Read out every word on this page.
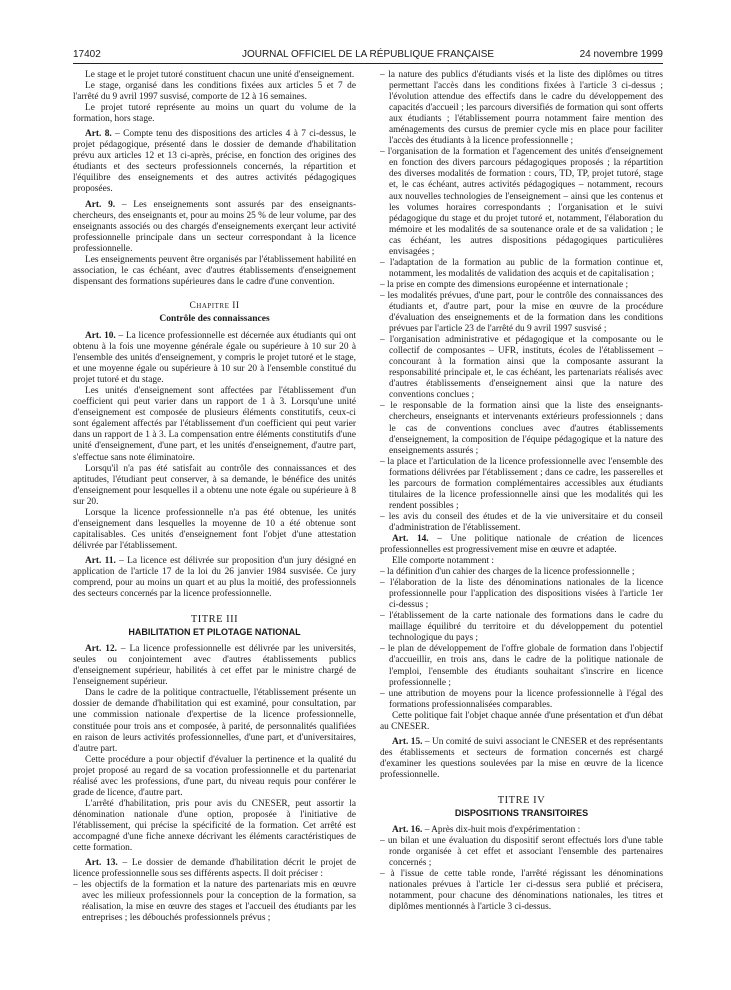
17402	JOURNAL OFFICIEL DE LA RÉPUBLIQUE FRANÇAISE	24 novembre 1999

Le stage et le projet tutoré constituent chacun une unité d'enseignement.

Le stage, organisé dans les conditions fixées aux articles 5 et 7 de l'arrêté du 9 avril 1997 susvisé, comporte de 12 à 16 semaines.

Le projet tutoré représente au moins un quart du volume de la formation, hors stage.

Art. 8. – Compte tenu des dispositions des articles 4 à 7 ci-dessus, le projet pédagogique, présenté dans le dossier de demande d'habilitation prévu aux articles 12 et 13 ci-après, précise, en fonction des origines des étudiants et des secteurs professionnels concernés, la répartition et l'équilibre des enseignements et des autres activités pédagogiques proposées.

Art. 9. – Les enseignements sont assurés par des enseignants-chercheurs, des enseignants et, pour au moins 25 % de leur volume, par des enseignants associés ou des chargés d'enseignements exerçant leur activité professionnelle principale dans un secteur correspondant à la licence professionnelle.

Les enseignements peuvent être organisés par l'établissement habilité en association, le cas échéant, avec d'autres établissements d'enseignement dispensant des formations supérieures dans le cadre d'une convention.

Chapitre II
Contrôle des connaissances

Art. 10. – La licence professionnelle est décernée aux étudiants qui ont obtenu à la fois une moyenne générale égale ou supérieure à 10 sur 20 à l'ensemble des unités d'enseignement, y compris le projet tutoré et le stage, et une moyenne égale ou supérieure à 10 sur 20 à l'ensemble constitué du projet tutoré et du stage.

Les unités d'enseignement sont affectées par l'établissement d'un coefficient qui peut varier dans un rapport de 1 à 3. Lorsqu'une unité d'enseignement est composée de plusieurs éléments constitutifs, ceux-ci sont également affectés par l'établissement d'un coefficient qui peut varier dans un rapport de 1 à 3. La compensation entre éléments constitutifs d'une unité d'enseignement, d'une part, et les unités d'enseignement, d'autre part, s'effectue sans note éliminatoire.

Lorsqu'il n'a pas été satisfait au contrôle des connaissances et des aptitudes, l'étudiant peut conserver, à sa demande, le bénéfice des unités d'enseignement pour lesquelles il a obtenu une note égale ou supérieure à 8 sur 20.

Lorsque la licence professionnelle n'a pas été obtenue, les unités d'enseignement dans lesquelles la moyenne de 10 a été obtenue sont capitalisables. Ces unités d'enseignement font l'objet d'une attestation délivrée par l'établissement.

Art. 11. – La licence est délivrée sur proposition d'un jury désigné en application de l'article 17 de la loi du 26 janvier 1984 susvisée. Ce jury comprend, pour au moins un quart et au plus la moitié, des professionnels des secteurs concernés par la licence professionnelle.

TITRE III
HABILITATION ET PILOTAGE NATIONAL

Art. 12. – La licence professionnelle est délivrée par les universités, seules ou conjointement avec d'autres établissements publics d'enseignement supérieur, habilités à cet effet par le ministre chargé de l'enseignement supérieur.

Dans le cadre de la politique contractuelle, l'établissement présente un dossier de demande d'habilitation qui est examiné, pour consultation, par une commission nationale d'expertise de la licence professionnelle, constituée pour trois ans et composée, à parité, de personnalités qualifiées en raison de leurs activités professionnelles, d'une part, et d'universitaires, d'autre part.

Cette procédure a pour objectif d'évaluer la pertinence et la qualité du projet proposé au regard de sa vocation professionnelle et du partenariat réalisé avec les professions, d'une part, du niveau requis pour conférer le grade de licence, d'autre part.

L'arrêté d'habilitation, pris pour avis du CNESER, peut assortir la dénomination nationale d'une option, proposée à l'initiative de l'établissement, qui précise la spécificité de la formation. Cet arrêté est accompagné d'une fiche annexe décrivant les éléments caractéristiques de cette formation.

Art. 13. – Le dossier de demande d'habilitation décrit le projet de licence professionnelle sous ses différents aspects. Il doit préciser :

– les objectifs de la formation et la nature des partenariats mis en œuvre avec les milieux professionnels pour la conception de la formation, sa réalisation, la mise en œuvre des stages et l'accueil des étudiants par les entreprises ; les débouchés professionnels prévus ;

– la nature des publics d'étudiants visés et la liste des diplômes ou titres permettant l'accès dans les conditions fixées à l'article 3 ci-dessus ; l'évolution attendue des effectifs dans le cadre du développement des capacités d'accueil ; les parcours diversifiés de formation qui sont offerts aux étudiants ; l'établissement pourra notamment faire mention des aménagements des cursus de premier cycle mis en place pour faciliter l'accès des étudiants à la licence professionnelle ;

– l'organisation de la formation et l'agencement des unités d'enseignement en fonction des divers parcours pédagogiques proposés ; la répartition des diverses modalités de formation : cours, TD, TP, projet tutoré, stage et, le cas échéant, autres activités pédagogiques – notamment, recours aux nouvelles technologies de l'enseignement – ainsi que les contenus et les volumes horaires correspondants ; l'organisation et le suivi pédagogique du stage et du projet tutoré et, notamment, l'élaboration du mémoire et les modalités de sa soutenance orale et de sa validation ; le cas échéant, les autres dispositions pédagogiques particulières envisagées ;

– l'adaptation de la formation au public de la formation continue et, notamment, les modalités de validation des acquis et de capitalisation ;

– la prise en compte des dimensions européenne et internationale ;

– les modalités prévues, d'une part, pour le contrôle des connaissances des étudiants et, d'autre part, pour la mise en œuvre de la procédure d'évaluation des enseignements et de la formation dans les conditions prévues par l'article 23 de l'arrêté du 9 avril 1997 susvisé ;

– l'organisation administrative et pédagogique et la composante ou le collectif de composantes – UFR, instituts, écoles de l'établissement – concourant à la formation ainsi que la composante assurant la responsabilité principale et, le cas échéant, les partenariats réalisés avec d'autres établissements d'enseignement ainsi que la nature des conventions conclues ;

– le responsable de la formation ainsi que la liste des enseignants-chercheurs, enseignants et intervenants extérieurs professionnels ; dans le cas de conventions conclues avec d'autres établissements d'enseignement, la composition de l'équipe pédagogique et la nature des enseignements assurés ;

– la place et l'articulation de la licence professionnelle avec l'ensemble des formations délivrées par l'établissement ; dans ce cadre, les passerelles et les parcours de formation complémentaires accessibles aux étudiants titulaires de la licence professionnelle ainsi que les modalités qui les rendent possibles ;

– les avis du conseil des études et de la vie universitaire et du conseil d'administration de l'établissement.

Art. 14. – Une politique nationale de création de licences professionnelles est progressivement mise en œuvre et adaptée.

Elle comporte notamment :

– la définition d'un cahier des charges de la licence professionnelle ;

– l'élaboration de la liste des dénominations nationales de la licence professionnelle pour l'application des dispositions visées à l'article 1er ci-dessus ;

– l'établissement de la carte nationale des formations dans le cadre du maillage équilibré du territoire et du développement du potentiel technologique du pays ;

– le plan de développement de l'offre globale de formation dans l'objectif d'accueillir, en trois ans, dans le cadre de la politique nationale de l'emploi, l'ensemble des étudiants souhaitant s'inscrire en licence professionnelle ;

– une attribution de moyens pour la licence professionnelle à l'égal des formations professionnalisées comparables.

Cette politique fait l'objet chaque année d'une présentation et d'un débat au CNESER.

Art. 15. – Un comité de suivi associant le CNESER et des représentants des établissements et secteurs de formation concernés est chargé d'examiner les questions soulevées par la mise en œuvre de la licence professionnelle.

TITRE IV
DISPOSITIONS TRANSITOIRES

Art. 16. – Après dix-huit mois d'expérimentation :

– un bilan et une évaluation du dispositif seront effectués lors d'une table ronde organisée à cet effet et associant l'ensemble des partenaires concernés ;

– à l'issue de cette table ronde, l'arrêté régissant les dénominations nationales prévues à l'article 1er ci-dessus sera publié et précisera, notamment, pour chacune des dénominations nationales, les titres et diplômes mentionnés à l'article 3 ci-dessus.
